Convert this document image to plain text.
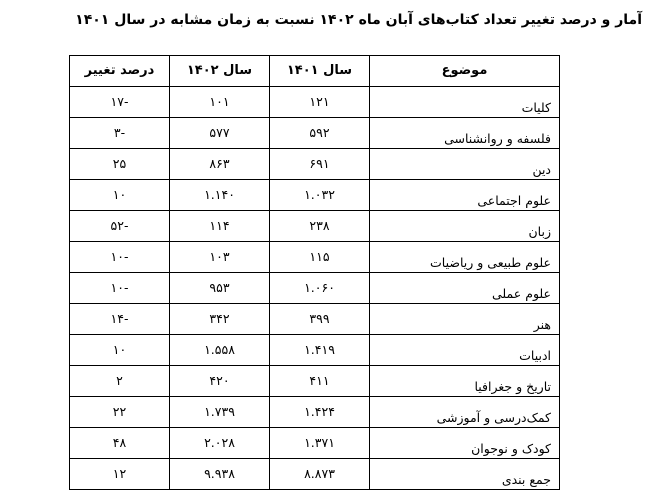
آمار و درصد تغییر تعداد کتاب‌های آبان ماه ۱۴۰۲ نسبت به زمان مشابه در سال ۱۴۰۱
موضوع	سال ۱۴۰۱	سال ۱۴۰۲	درصد تغییر
کلیات	۱۲۱	۱۰۱	-۱۷
فلسفه و روانشناسی	۵۹۲	۵۷۷	-۳
دین	۶۹۱	۸۶۳	۲۵
علوم اجتماعی	۱.۰۳۲	۱.۱۴۰	۱۰
زبان	۲۳۸	۱۱۴	-۵۲
علوم طبیعی و ریاضیات	۱۱۵	۱۰۳	-۱۰
علوم عملی	۱.۰۶۰	۹۵۳	-۱۰
هنر	۳۹۹	۳۴۲	-۱۴
ادبیات	۱.۴۱۹	۱.۵۵۸	۱۰
تاریخ و جغرافیا	۴۱۱	۴۲۰	۲
کمک‌درسی و آموزشی	۱.۴۲۴	۱.۷۳۹	۲۲
کودک و نوجوان	۱.۳۷۱	۲.۰۲۸	۴۸
جمع بندی	۸.۸۷۳	۹.۹۳۸	۱۲
